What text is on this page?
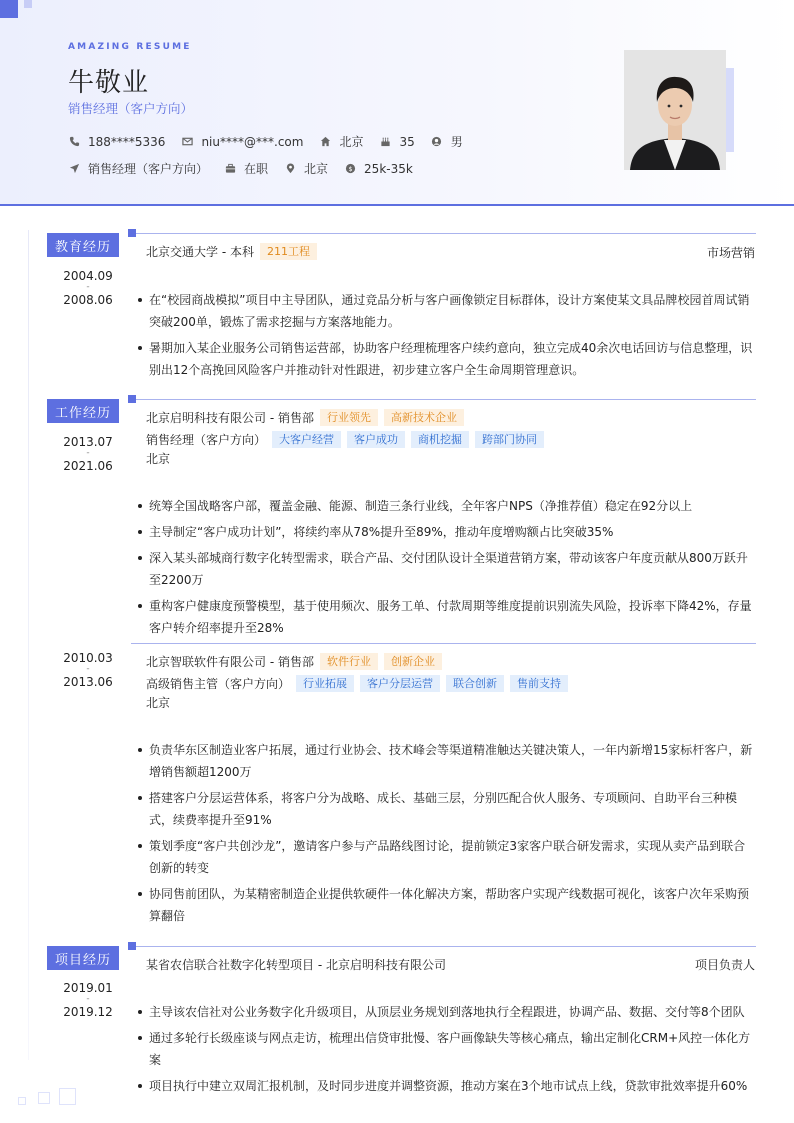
AMAZING RESUME
牛敬业
销售经理（客户方向）
188****5336	niu****@***.com	北京	35	男
销售经理（客户方向）	在职	北京	$ 25k-35k
教育经历
2004.09
-
2008.06
北京交通大学 - 本科	211工程	市场营销
在“校园商战模拟”项目中主导团队，通过竞品分析与客户画像锁定目标群体，设计方案使某文具品牌校园首周试销突破200单，锻炼了需求挖掘与方案落地能力。
暑期加入某企业服务公司销售运营部，协助客户经理梳理客户续约意向，独立完成40余次电话回访与信息整理，识别出12个高挽回风险客户并推动针对性跟进，初步建立客户全生命周期管理意识。
工作经历
2013.07
-
2021.06
北京启明科技有限公司 - 销售部	行业领先	高新技术企业
销售经理（客户方向）	大客户经营	客户成功	商机挖掘	跨部门协同
北京
统筹全国战略客户部，覆盖金融、能源、制造三条行业线，全年客户NPS（净推荐值）稳定在92分以上
主导制定“客户成功计划”，将续约率从78%提升至89%，推动年度增购额占比突破35%
深入某头部城商行数字化转型需求，联合产品、交付团队设计全渠道营销方案，带动该客户年度贡献从800万跃升至2200万
重构客户健康度预警模型，基于使用频次、服务工单、付款周期等维度提前识别流失风险，投诉率下降42%，存量客户转介绍率提升至28%
2010.03
-
2013.06
北京智联软件有限公司 - 销售部	软件行业	创新企业
高级销售主管（客户方向）	行业拓展	客户分层运营	联合创新	售前支持
北京
负责华东区制造业客户拓展，通过行业协会、技术峰会等渠道精准触达关键决策人，一年内新增15家标杆客户，新增销售额超1200万
搭建客户分层运营体系，将客户分为战略、成长、基础三层，分别匹配合伙人服务、专项顾问、自助平台三种模式，续费率提升至91%
策划季度“客户共创沙龙”，邀请客户参与产品路线图讨论，提前锁定3家客户联合研发需求，实现从卖产品到联合创新的转变
协同售前团队，为某精密制造企业提供软硬件一体化解决方案，帮助客户实现产线数据可视化，该客户次年采购预算翻倍
项目经历
2019.01
-
2019.12
某省农信联合社数字化转型项目 - 北京启明科技有限公司	项目负责人
主导该农信社对公业务数字化升级项目，从顶层业务规划到落地执行全程跟进，协调产品、数据、交付等8个团队
通过多轮行长级座谈与网点走访，梳理出信贷审批慢、客户画像缺失等核心痛点，输出定制化CRM+风控一体化方案
项目执行中建立双周汇报机制，及时同步进度并调整资源，推动方案在3个地市试点上线，贷款审批效率提升60%
